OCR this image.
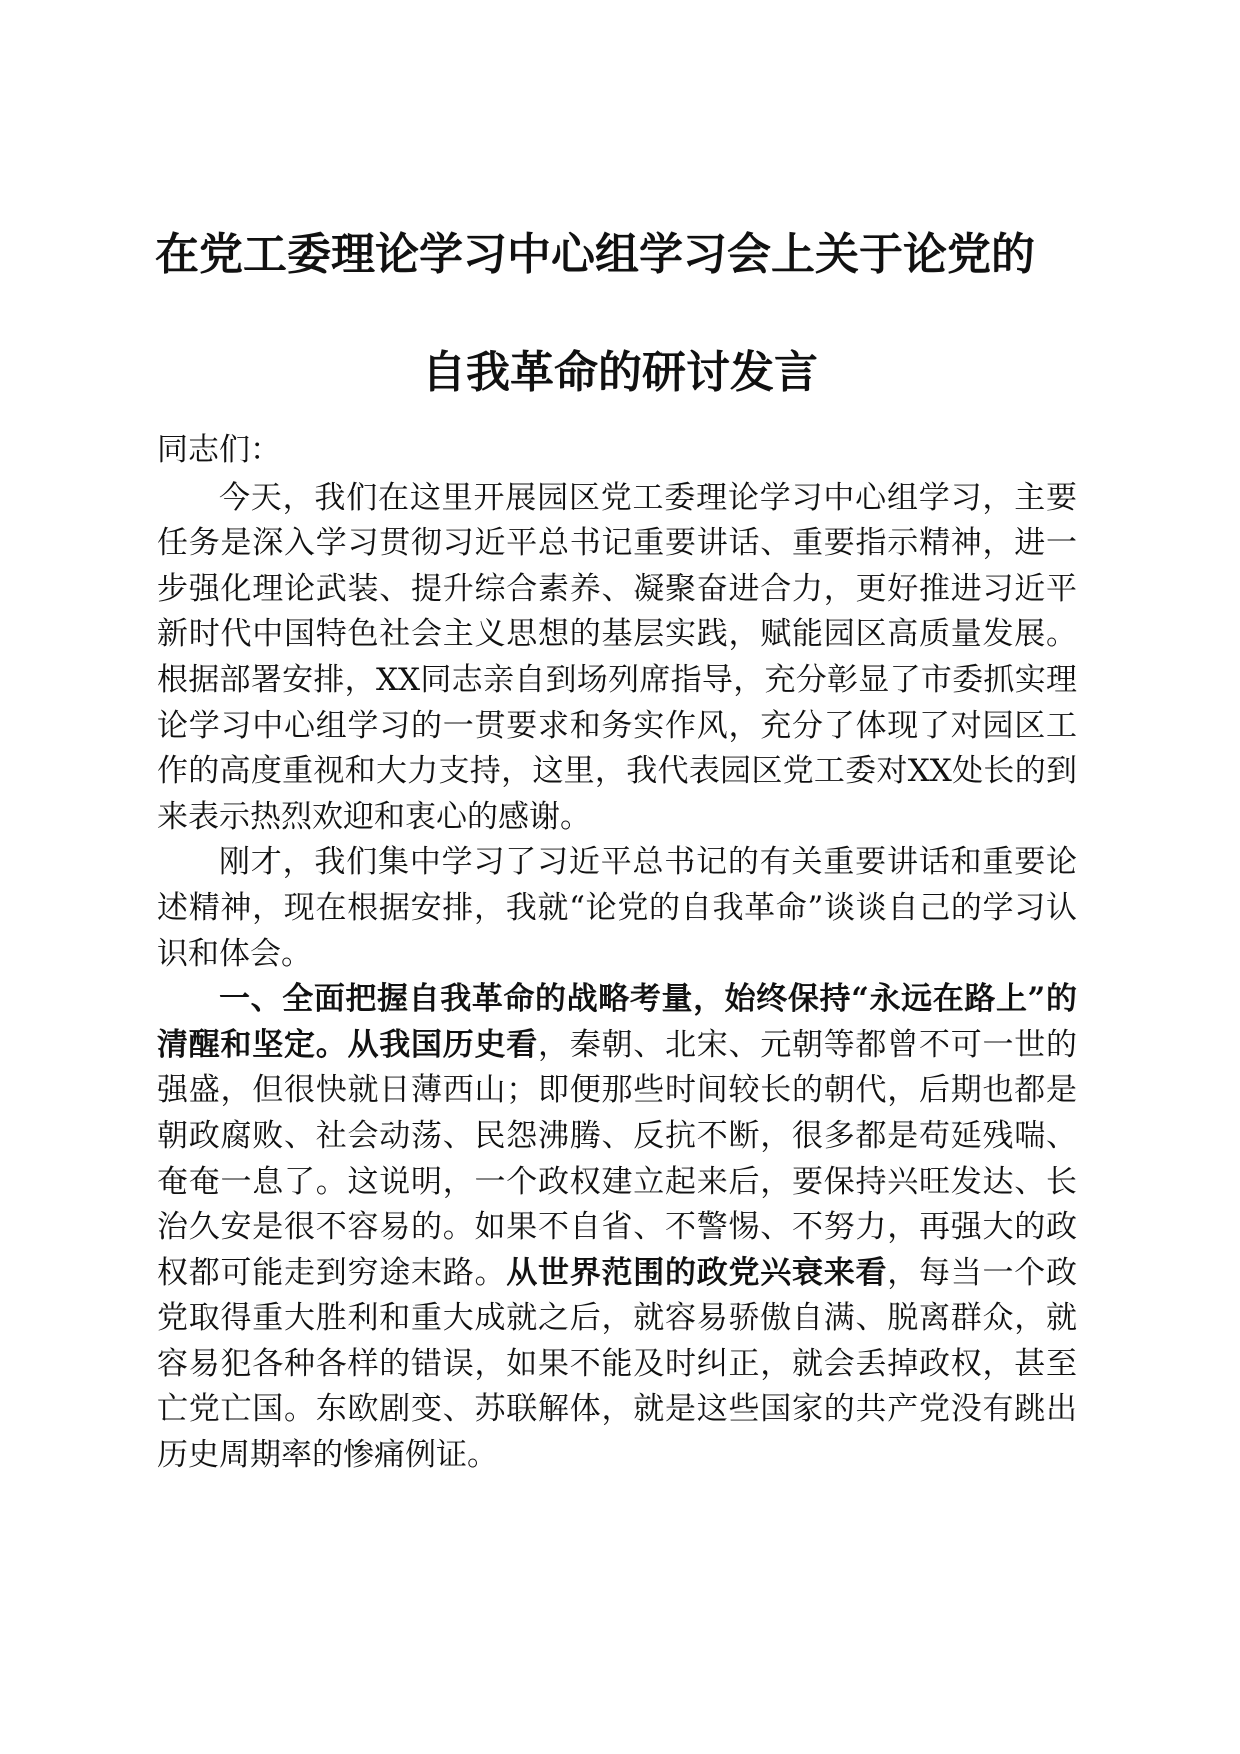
在党工委理论学习中心组学习会上关于论党的
自我革命的研讨发言

同志们：

今天，我们在这里开展园区党工委理论学习中心组学习，主要任务是深入学习贯彻习近平总书记重要讲话、重要指示精神，进一步强化理论武装、提升综合素养、凝聚奋进合力，更好推进习近平新时代中国特色社会主义思想的基层实践，赋能园区高质量发展。根据部署安排，XX同志亲自到场列席指导，充分彰显了市委抓实理论学习中心组学习的一贯要求和务实作风，充分了体现了对园区工作的高度重视和大力支持，这里，我代表园区党工委对XX处长的到来表示热烈欢迎和衷心的感谢。

刚才，我们集中学习了习近平总书记的有关重要讲话和重要论述精神，现在根据安排，我就“论党的自我革命”谈谈自己的学习认识和体会。

一、全面把握自我革命的战略考量，始终保持“永远在路上”的清醒和坚定。从我国历史看，秦朝、北宋、元朝等都曾不可一世的强盛，但很快就日薄西山；即便那些时间较长的朝代，后期也都是朝政腐败、社会动荡、民怨沸腾、反抗不断，很多都是苟延残喘、奄奄一息了。这说明，一个政权建立起来后，要保持兴旺发达、长治久安是很不容易的。如果不自省、不警惕、不努力，再强大的政权都可能走到穷途末路。从世界范围的政党兴衰来看，每当一个政党取得重大胜利和重大成就之后，就容易骄傲自满、脱离群众，就容易犯各种各样的错误，如果不能及时纠正，就会丢掉政权，甚至亡党亡国。东欧剧变、苏联解体，就是这些国家的共产党没有跳出历史周期率的惨痛例证。
